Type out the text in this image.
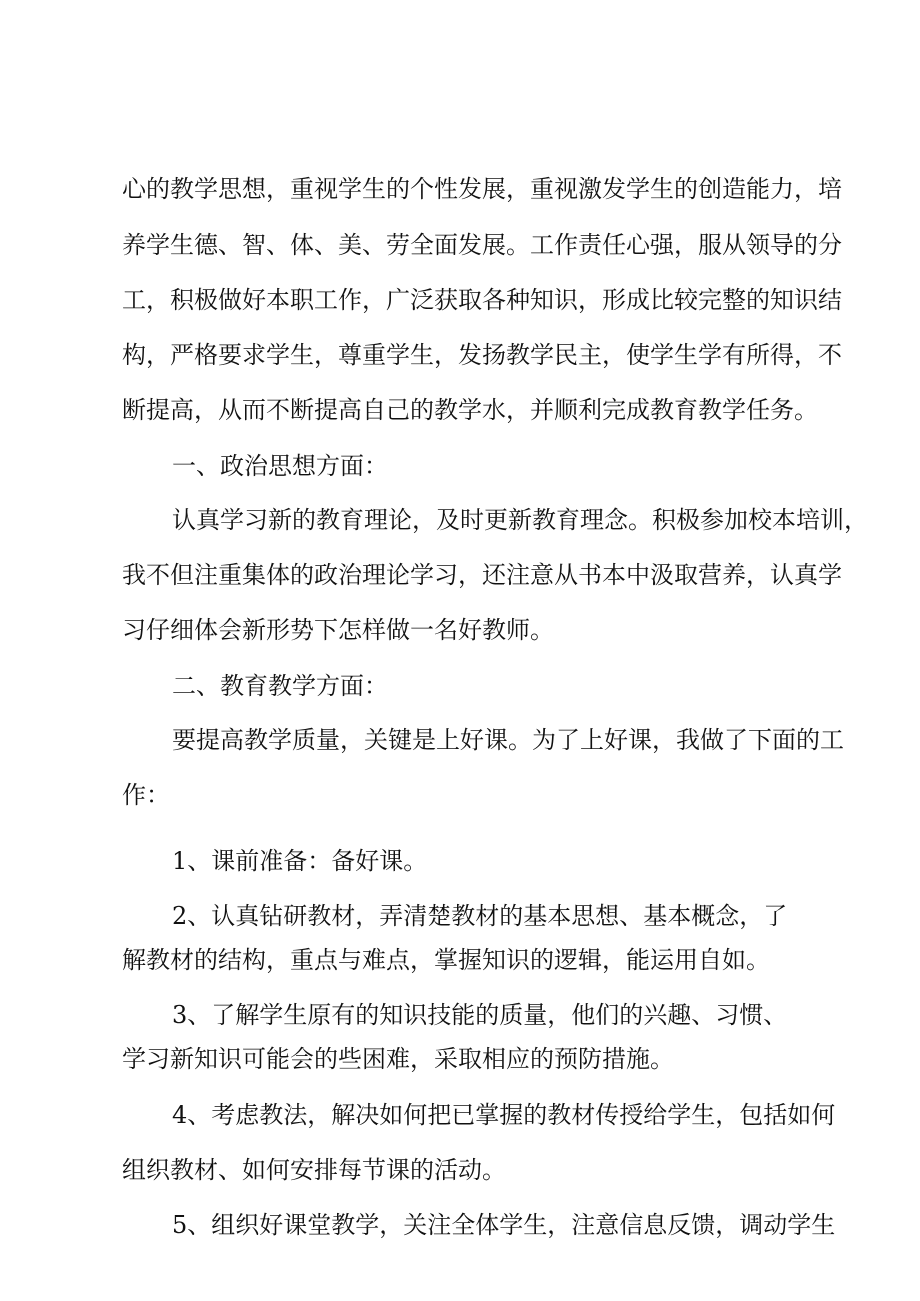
心的教学思想，重视学生的个性发展，重视激发学生的创造能力，培
养学生德、智、体、美、劳全面发展。工作责任心强，服从领导的分
工，积极做好本职工作，广泛获取各种知识，形成比较完整的知识结
构，严格要求学生，尊重学生，发扬教学民主，使学生学有所得，不
断提高，从而不断提高自己的教学水，并顺利完成教育教学任务。
一、政治思想方面：
认真学习新的教育理论，及时更新教育理念。积极参加校本培训，
我不但注重集体的政治理论学习，还注意从书本中汲取营养，认真学
习仔细体会新形势下怎样做一名好教师。
二、教育教学方面：
要提高教学质量，关键是上好课。为了上好课，我做了下面的工
作：
1、课前准备：备好课。
2、认真钻研教材，弄清楚教材的基本思想、基本概念，了
解教材的结构，重点与难点，掌握知识的逻辑，能运用自如。
3、了解学生原有的知识技能的质量，他们的兴趣、习惯、
学习新知识可能会的些困难，采取相应的预防措施。
4、考虑教法，解决如何把已掌握的教材传授给学生，包括如何
组织教材、如何安排每节课的活动。
5、组织好课堂教学，关注全体学生，注意信息反馈，调动学生
